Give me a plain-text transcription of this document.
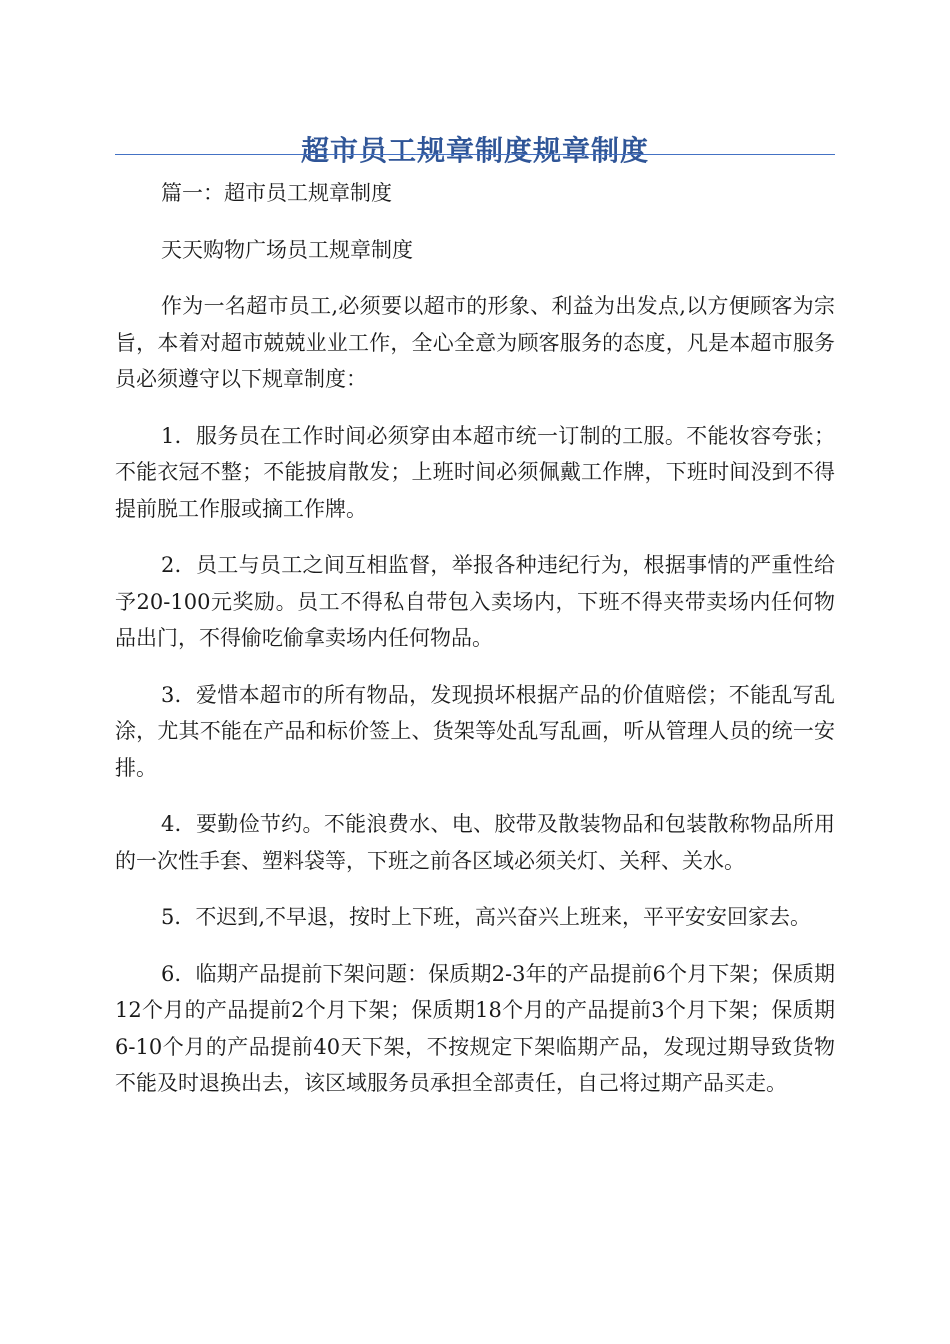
超市员工规章制度规章制度

篇一：超市员工规章制度

天天购物广场员工规章制度

作为一名超市员工,必须要以超市的形象、利益为出发点,以方便顾客为宗旨，本着对超市兢兢业业工作，全心全意为顾客服务的态度，凡是本超市服务员必须遵守以下规章制度：

1．服务员在工作时间必须穿由本超市统一订制的工服。不能妆容夸张；不能衣冠不整；不能披肩散发；上班时间必须佩戴工作牌，下班时间没到不得提前脱工作服或摘工作牌。

2．员工与员工之间互相监督，举报各种违纪行为，根据事情的严重性给予20-100元奖励。员工不得私自带包入卖场内，下班不得夹带卖场内任何物品出门，不得偷吃偷拿卖场内任何物品。

3．爱惜本超市的所有物品，发现损坏根据产品的价值赔偿；不能乱写乱涂，尤其不能在产品和标价签上、货架等处乱写乱画，听从管理人员的统一安排。

4．要勤俭节约。不能浪费水、电、胶带及散装物品和包装散称物品所用的一次性手套、塑料袋等，下班之前各区域必须关灯、关秤、关水。

5．不迟到,不早退，按时上下班，高兴奋兴上班来，平平安安回家去。

6．临期产品提前下架问题：保质期2-3年的产品提前6个月下架；保质期12个月的产品提前2个月下架；保质期18个月的产品提前3个月下架；保质期6-10个月的产品提前40天下架，不按规定下架临期产品，发现过期导致货物不能及时退换出去，该区域服务员承担全部责任，自己将过期产品买走。
